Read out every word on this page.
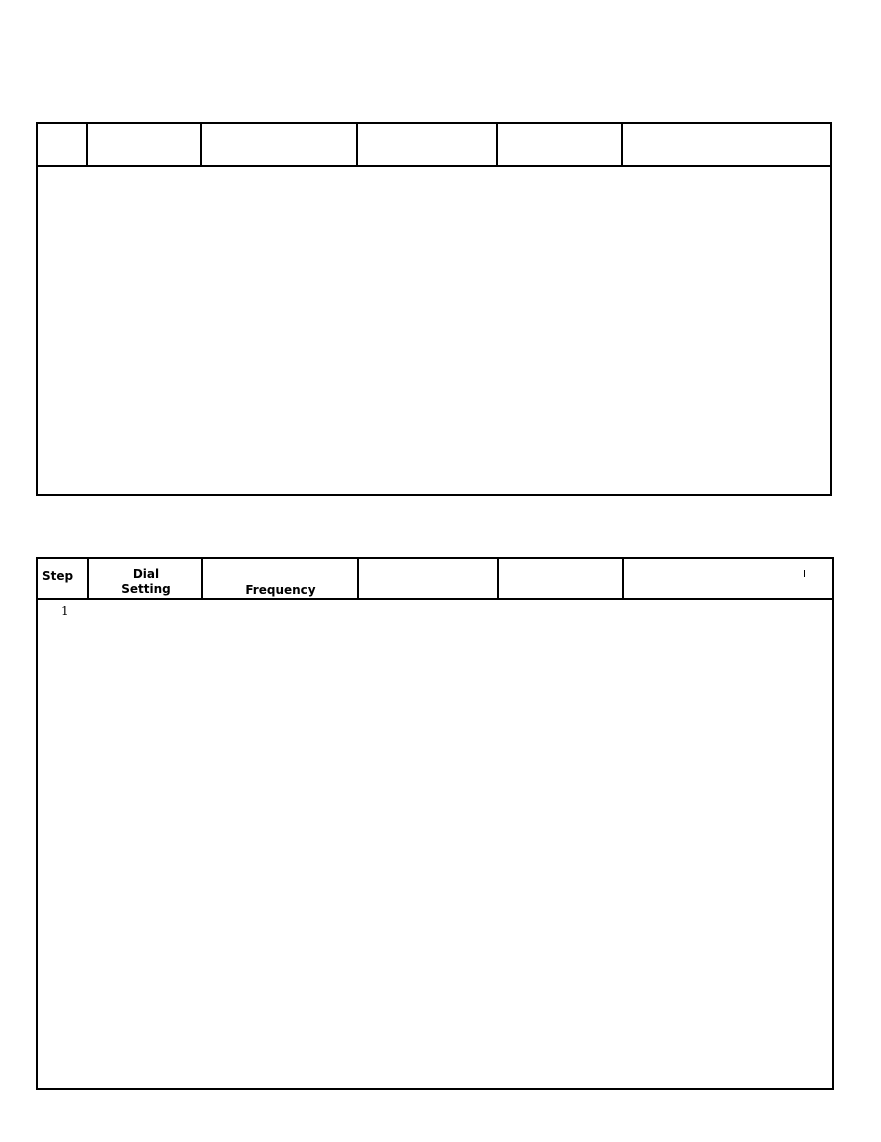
Step	Dial
Setting	Frequency
1
